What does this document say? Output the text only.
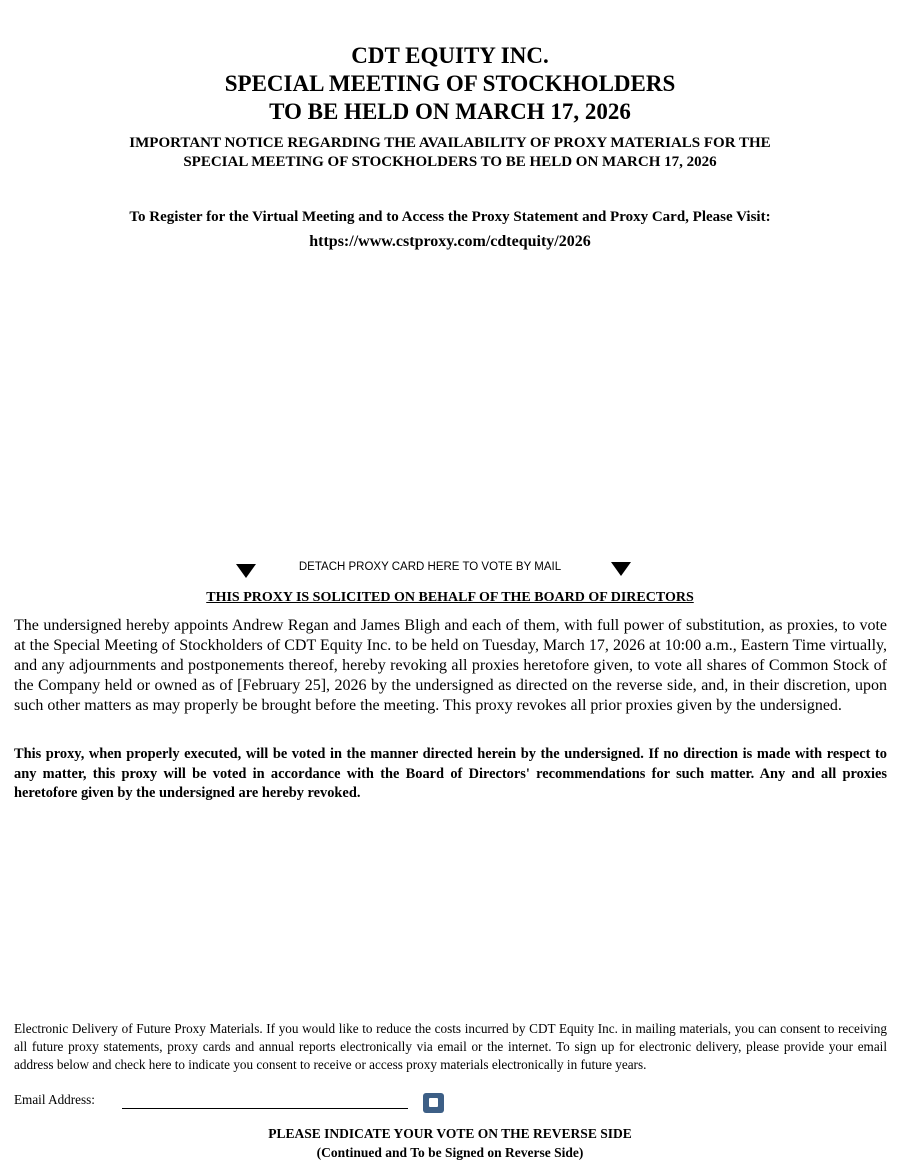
CDT EQUITY INC.
SPECIAL MEETING OF STOCKHOLDERS
TO BE HELD ON MARCH 17, 2026
IMPORTANT NOTICE REGARDING THE AVAILABILITY OF PROXY MATERIALS FOR THE
SPECIAL MEETING OF STOCKHOLDERS TO BE HELD ON MARCH 17, 2026
To Register for the Virtual Meeting and to Access the Proxy Statement and Proxy Card, Please Visit:
https://www.cstproxy.com/cdtequity/2026
DETACH PROXY CARD HERE TO VOTE BY MAIL
THIS PROXY IS SOLICITED ON BEHALF OF THE BOARD OF DIRECTORS
The undersigned hereby appoints Andrew Regan and James Bligh and each of them, with full power of substitution, as proxies, to vote at the Special Meeting of Stockholders of CDT Equity Inc. to be held on Tuesday, March 17, 2026 at 10:00 a.m., Eastern Time virtually, and any adjournments and postponements thereof, hereby revoking all proxies heretofore given, to vote all shares of Common Stock of the Company held or owned as of [February 25], 2026 by the undersigned as directed on the reverse side, and, in their discretion, upon such other matters as may properly be brought before the meeting. This proxy revokes all prior proxies given by the undersigned.
This proxy, when properly executed, will be voted in the manner directed herein by the undersigned. If no direction is made with respect to any matter, this proxy will be voted in accordance with the Board of Directors' recommendations for such matter. Any and all proxies heretofore given by the undersigned are hereby revoked.
Electronic Delivery of Future Proxy Materials. If you would like to reduce the costs incurred by CDT Equity Inc. in mailing materials, you can consent to receiving all future proxy statements, proxy cards and annual reports electronically via email or the internet. To sign up for electronic delivery, please provide your email address below and check here to indicate you consent to receive or access proxy materials electronically in future years.
Email Address:
PLEASE INDICATE YOUR VOTE ON THE REVERSE SIDE
(Continued and To be Signed on Reverse Side)
